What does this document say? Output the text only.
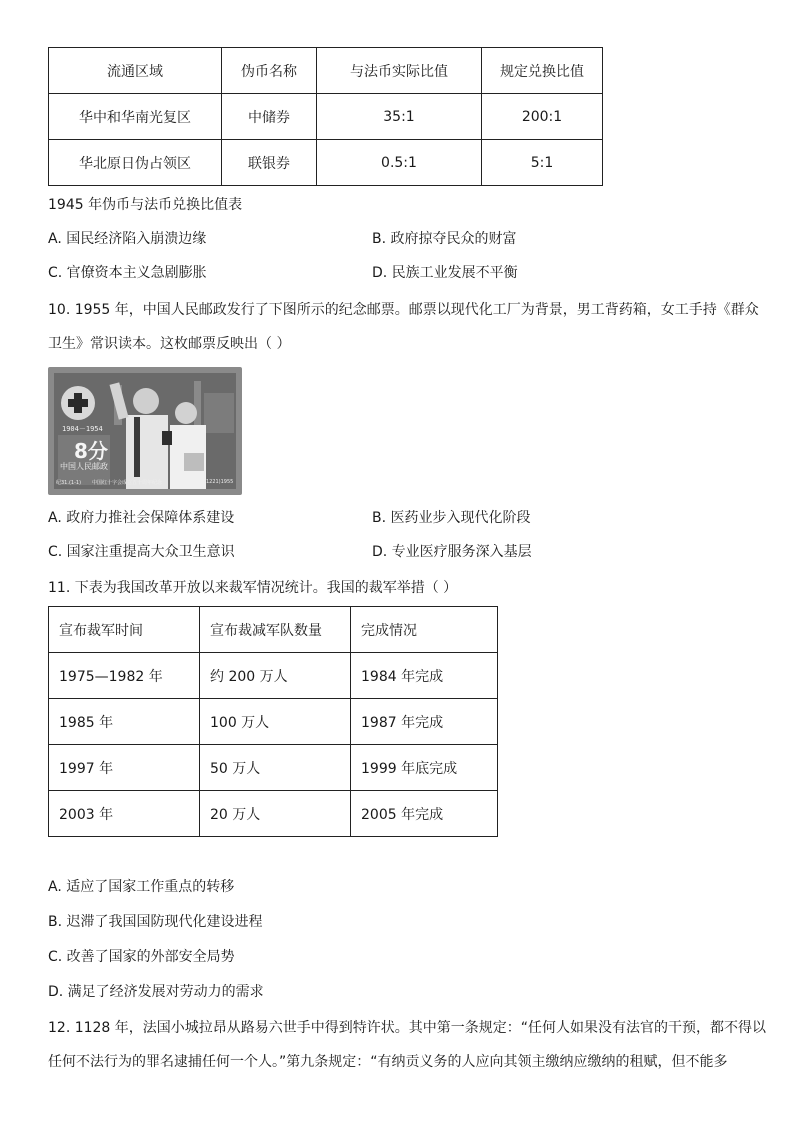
流通区域	伪币名称	与法币实际比值	规定兑换比值
华中和华南光复区	中储券	35:1	200:1
华北原日伪占领区	联银券	0.5:1	5:1
1945 年伪币与法币兑换比值表
A. 国民经济陷入崩溃边缘	B. 政府掠夺民众的财富
C. 官僚资本主义急剧膨胀	D. 民族工业发展不平衡
10. 1955 年，中国人民邮政发行了下图所示的纪念邮票。邮票以现代化工厂为背景，男工背药箱，女工手持《群众
卫生》常识读本。这枚邮票反映出（ ）
1904－1954
8分
中国人民邮政
纪31.(1-1) 中国红十字会成立五十周年纪念	(1221)1955
A. 政府力推社会保障体系建设	B. 医药业步入现代化阶段
C. 国家注重提高大众卫生意识	D. 专业医疗服务深入基层
11. 下表为我国改革开放以来裁军情况统计。我国的裁军举措（ ）
宣布裁军时间	宣布裁减军队数量	完成情况
1975—1982 年	约 200 万人	1984 年完成
1985 年	100 万人	1987 年完成
1997 年	50 万人	1999 年底完成
2003 年	20 万人	2005 年完成
A. 适应了国家工作重点的转移
B. 迟滞了我国国防现代化建设进程
C. 改善了国家的外部安全局势
D. 满足了经济发展对劳动力的需求
12. 1128 年，法国小城拉昂从路易六世手中得到特许状。其中第一条规定：“任何人如果没有法官的干预，都不得以
任何不法行为的罪名逮捕任何一个人。”第九条规定：“有纳贡义务的人应向其领主缴纳应缴纳的租赋，但不能多
